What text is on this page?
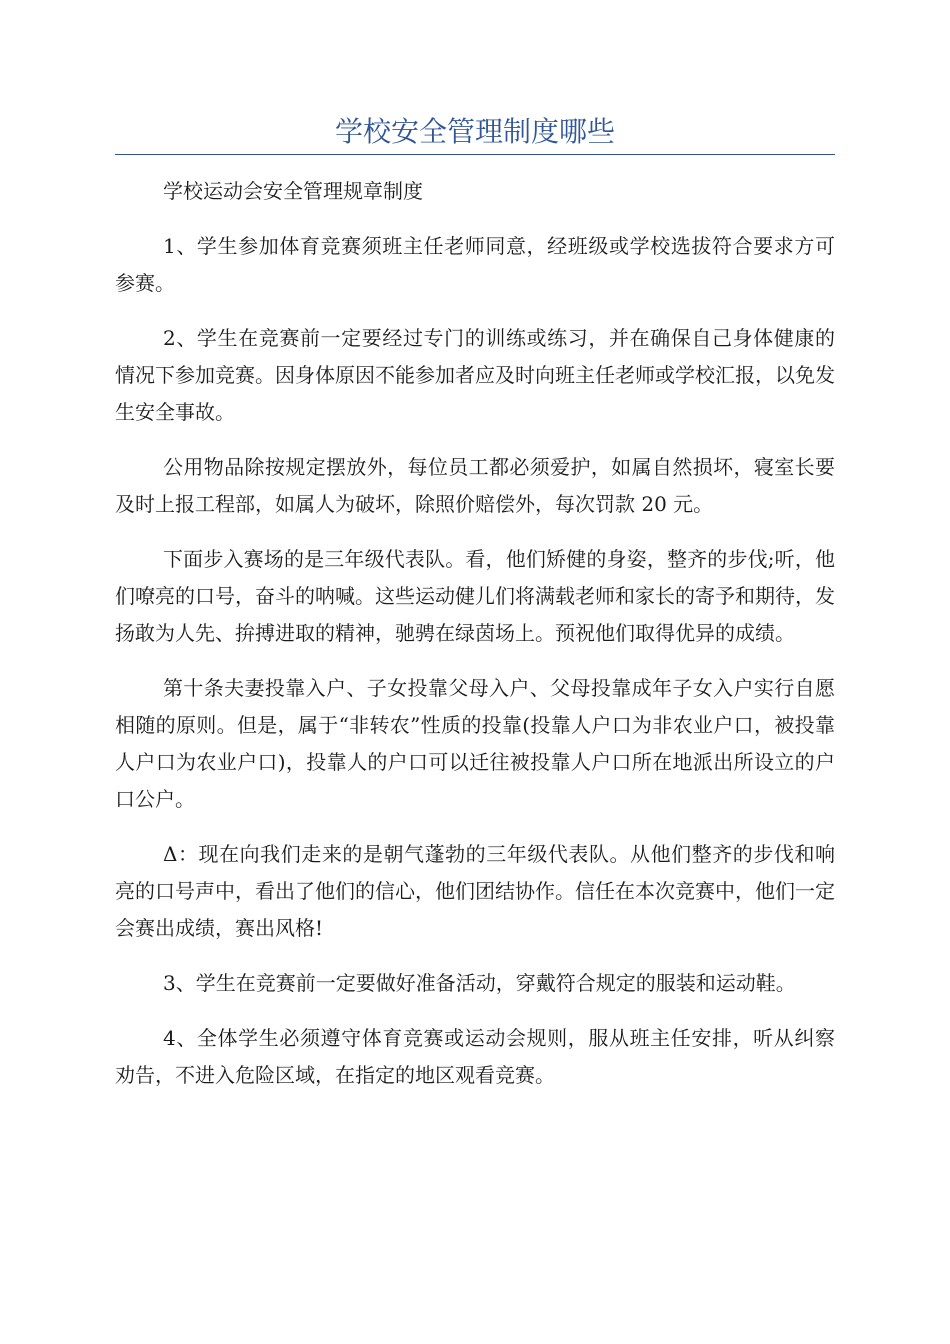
学校安全管理制度哪些

学校运动会安全管理规章制度

1、学生参加体育竞赛须班主任老师同意，经班级或学校选拔符合要求方可参赛。

2、学生在竞赛前一定要经过专门的训练或练习，并在确保自己身体健康的情况下参加竞赛。因身体原因不能参加者应及时向班主任老师或学校汇报，以免发生安全事故。

公用物品除按规定摆放外，每位员工都必须爱护，如属自然损坏，寝室长要及时上报工程部，如属人为破坏，除照价赔偿外，每次罚款 20 元。

下面步入赛场的是三年级代表队。看，他们矫健的身姿，整齐的步伐;听，他们嘹亮的口号，奋斗的呐喊。这些运动健儿们将满载老师和家长的寄予和期待，发扬敢为人先、拚搏进取的精神，驰骋在绿茵场上。预祝他们取得优异的成绩。

第十条夫妻投靠入户、子女投靠父母入户、父母投靠成年子女入户实行自愿相随的原则。但是，属于“非转农”性质的投靠(投靠人户口为非农业户口，被投靠人户口为农业户口)，投靠人的户口可以迁往被投靠人户口所在地派出所设立的户口公户。

Δ：现在向我们走来的是朝气蓬勃的三年级代表队。从他们整齐的步伐和响亮的口号声中，看出了他们的信心，他们团结协作。信任在本次竞赛中，他们一定会赛出成绩，赛出风格!

3、学生在竞赛前一定要做好准备活动，穿戴符合规定的服装和运动鞋。

4、全体学生必须遵守体育竞赛或运动会规则，服从班主任安排，听从纠察劝告，不进入危险区域，在指定的地区观看竞赛。
